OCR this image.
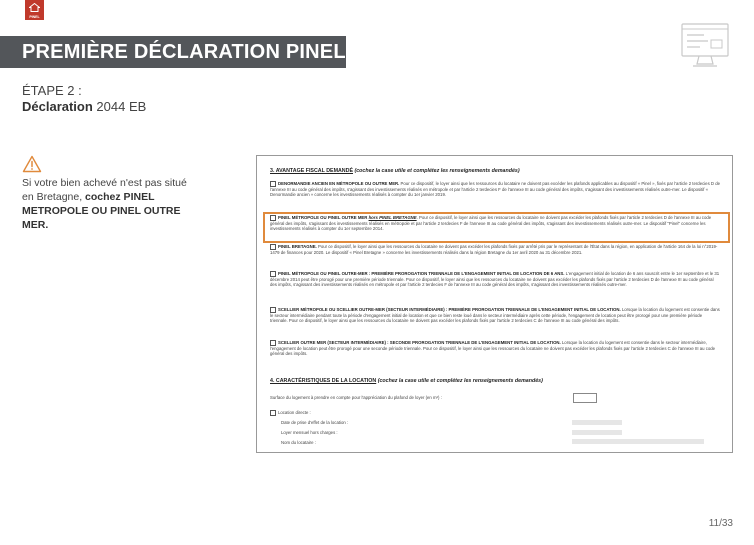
PINEL
PREMIÈRE DÉCLARATION PINEL
ÉTAPE 2 :
Déclaration 2044 EB
Si votre bien achevé n'est pas situé en Bretagne, cochez PINEL METROPOLE OU PINEL OUTRE MER.
3. AVANTAGE FISCAL DEMANDÉ (cochez la case utile et complétez les renseignements demandés)
DENORMANDIE ANCIEN EN MÉTROPOLE OU OUTRE MER. Pour ce dispositif, le loyer ainsi que les ressources du locataire ne doivent pas excéder les plafonds applicables au dispositif « Pinel », fixés par l'article 2 terdecies D de l'annexe III au code général des impôts, s'agissant des investissements réalisés en métropole et par l'article 2 terdecies F de l'annexe III au code général des impôts, s'agissant des investissements réalisés outre-mer. Le dispositif « Denormandie ancien » concerne les investissements réalisés à compter du 1er janvier 2019.
PINEL MÉTROPOLE OU PINEL OUTRE MER hors PINEL BRETAGNE. Pour ce dispositif, le loyer ainsi que les ressources du locataire ne doivent pas excéder les plafonds fixés par l'article 2 terdecies D de l'annexe III au code général des impôts, s'agissant des investissements réalisés en métropole et par l'article 2 terdecies F de l'annexe III au code général des impôts, s'agissant des investissements réalisés outre-mer. Le dispositif "Pinel" concerne les investissements réalisés à compter du 1er septembre 2014.
PINEL BRETAGNE. Pour ce dispositif, le loyer ainsi que les ressources du locataire ne doivent pas excéder les plafonds fixés par arrêté pris par le représentant de l'État dans la région, en application de l'article 164 de la loi n°2019-1479 de finances pour 2020. Le dispositif « Pinel Bretagne » concerne les investissements réalisés dans la région Bretagne du 1er avril 2020 au 31 décembre 2021.
PINEL MÉTROPOLE OU PINEL OUTRE-MER : PREMIÈRE PROROGATION TRIENNALE DE L'ENGAGEMENT INITIAL DE LOCATION DE 6 ANS. L'engagement initial de location de 6 ans souscrit entre le 1er septembre et le 31 décembre 2014 peut être prorogé pour une première période triennale. Pour ce dispositif, le loyer ainsi que les ressources du locataire ne doivent pas excéder les plafonds fixés par l'article 2 terdecies D de l'annexe III au code général des impôts, s'agissant des investissements réalisés en métropole et par l'article 2 terdecies F de l'annexe III au code général des impôts, s'agissant des investissements réalisés outre-mer.
SCELLIER MÉTROPOLE OU SCELLIER OUTRE-MER (SECTEUR INTERMÉDIAIRE) : PREMIÈRE PROROGATION TRIENNALE DE L'ENGAGEMENT INITIAL DE LOCATION. Lorsque la location du logement est consentie dans le secteur intermédiaire pendant toute la période d'engagement initial de location et que ce bien reste loué dans le secteur intermédiaire après cette période, l'engagement de location peut être prorogé pour une première période triennale. Pour ce dispositif, le loyer ainsi que les ressources du locataire ne doivent pas excéder les plafonds fixés par l'article 2 terdecies C de l'annexe III au code général des impôts.
SCELLIER OUTRE MER (SECTEUR INTERMÉDIAIRE) : SECONDE PROROGATION TRIENNALE DE L'ENGAGEMENT INITIAL DE LOCATION. Lorsque la location du logement est consentie dans le secteur intermédiaire, l'engagement de location peut être prorogé pour une seconde période triennale. Pour ce dispositif, le loyer ainsi que les ressources du locataire ne doivent pas excéder les plafonds fixés par l'article 2 terdecies C de l'annexe III au code général des impôts.
4. CARACTÉRISTIQUES DE LA LOCATION (cochez la case utile et complétez les renseignements demandés)
Surface du logement à prendre en compte pour l'appréciation du plafond de loyer (en m²) :
Location directe :
Date de prise d'effet de la location :
Loyer mensuel hors charges :
Nom du locataire :
11/33
